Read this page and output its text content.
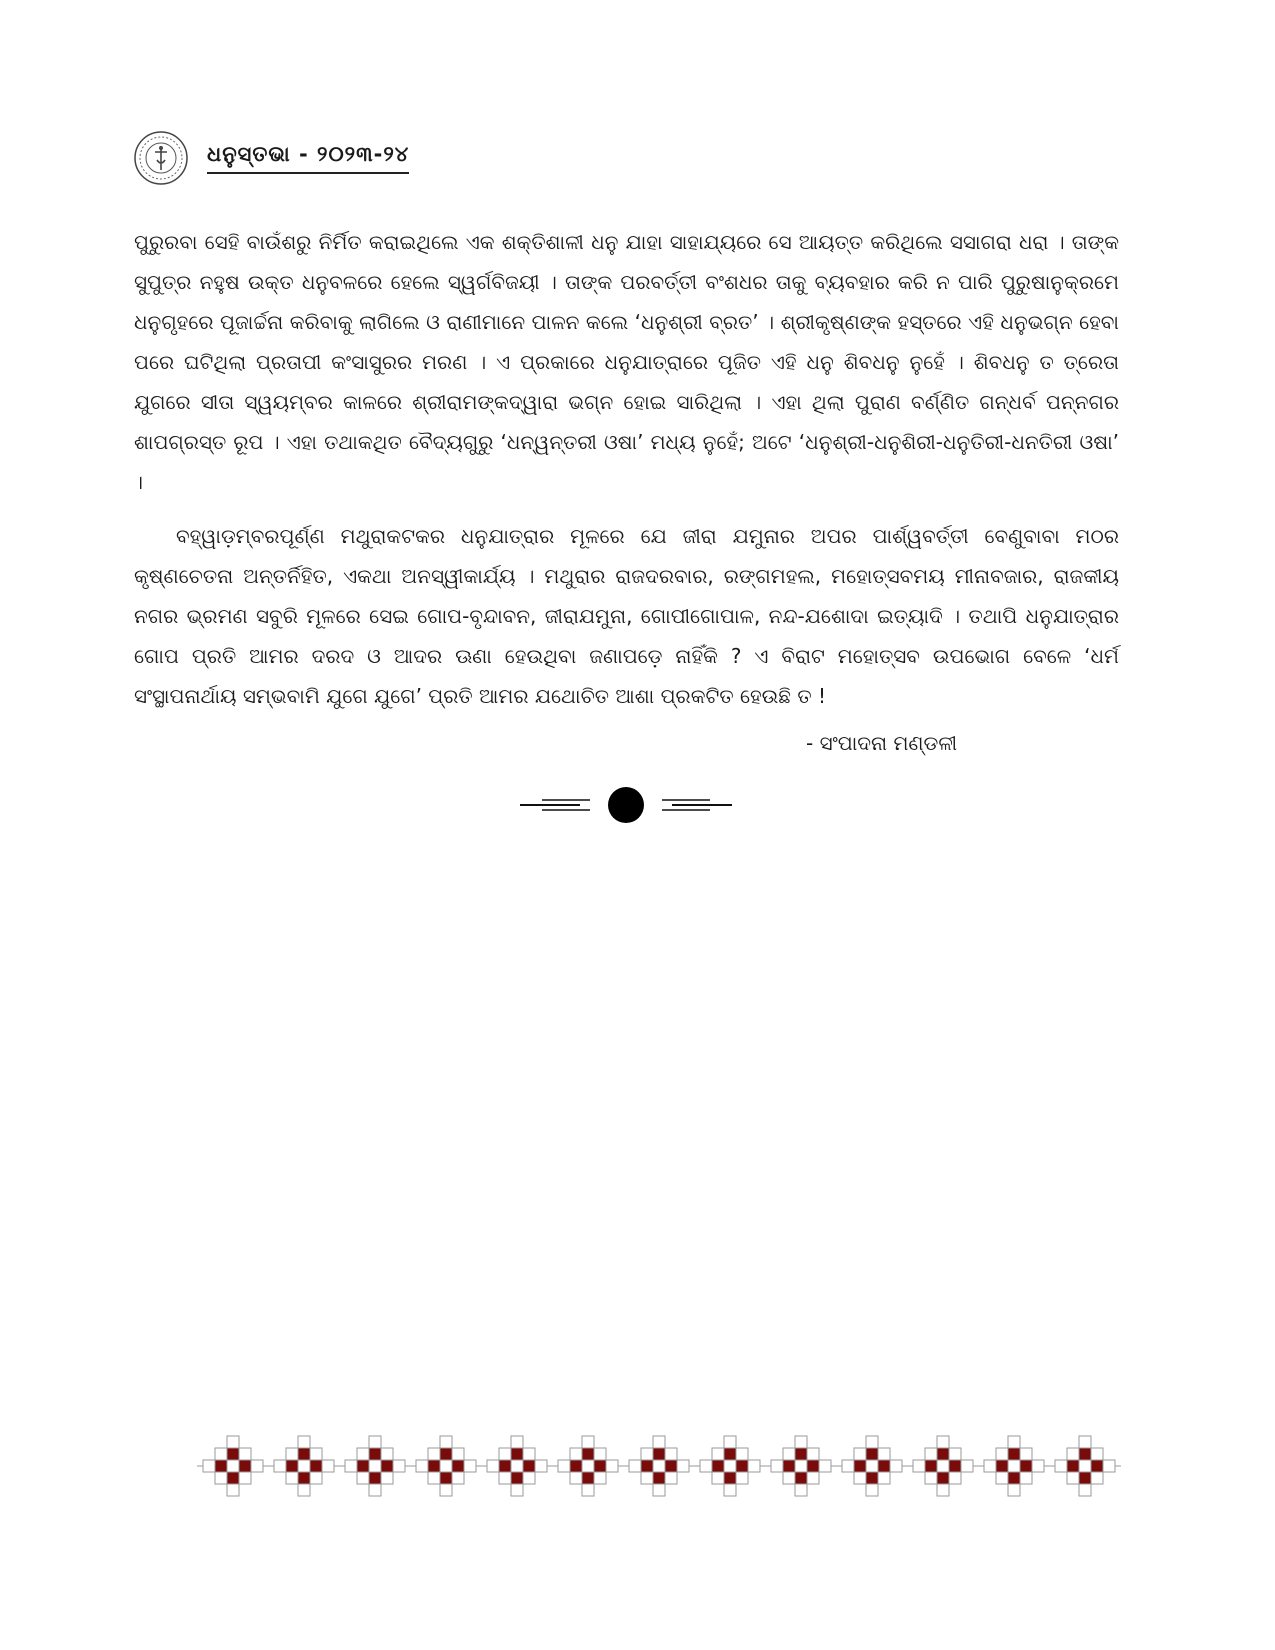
ଧନୁସ୍ତଭା - ୨୦୨୩-୨୪

ପୁରୁରବା ସେହି ବାଉଁଶରୁ ନିର୍ମିତ କରାଇଥିଲେ ଏକ ଶକ୍ତିଶାଳୀ ଧନୁ ଯାହା ସାହାଯ୍ୟରେ ସେ ଆୟତ୍ତ କରିଥିଲେ ସସାଗରା ଧରା । ତାଙ୍କ ସୁପୁତ୍ର ନହୁଷ ଉକ୍ତ ଧନୁବଳରେ ହେଲେ ସ୍ୱର୍ଗବିଜୟୀ । ତାଙ୍କ ପରବର୍ତ୍ତୀ ବଂଶଧର ତାକୁ ବ୍ୟବହାର କରି ନ ପାରି ପୁରୁଷାନୁକ୍ରମେ ଧନୁଗୃହରେ ପୂଜାର୍ଚ୍ଚନା କରିବାକୁ ଲାଗିଲେ ଓ ରାଣୀମାନେ ପାଳନ କଲେ ‘ଧନୁଶ୍ରୀ ବ୍ରତ’ । ଶ୍ରୀକୃଷ୍ଣଙ୍କ ହସ୍ତରେ ଏହି ଧନୁଭଗ୍ନ ହେବା ପରେ ଘଟିଥିଲା ପ୍ରତାପୀ କଂସାସୁରର ମରଣ । ଏ ପ୍ରକାରେ ଧନୁଯାତ୍ରାରେ ପୂଜିତ ଏହି ଧନୁ ଶିବଧନୁ ନୁହେଁ । ଶିବଧନୁ ତ ତ୍ରେତା ଯୁଗରେ ସୀତା ସ୍ୱୟମ୍ବର କାଳରେ ଶ୍ରୀରାମଙ୍କଦ୍ୱାରା ଭଗ୍ନ ହୋଇ ସାରିଥିଲା । ଏହା ଥିଲା ପୁରାଣ ବର୍ଣ୍ଣିତ ଗନ୍ଧର୍ବ ପନ୍ନଗର ଶାପଗ୍ରସ୍ତ ରୂପ । ଏହା ତଥାକଥିତ ବୈଦ୍ୟଗୁରୁ ‘ଧନ୍ୱନ୍ତରୀ ଓଷା’ ମଧ୍ୟ ନୁହେଁ; ଅଟେ ‘ଧନୁଶ୍ରୀ-ଧନୁଶିରୀ-ଧନୁତିରୀ-ଧନତିରୀ ଓଷା’ ।

ବହ୍ୱାଡ଼ମ୍ବରପୂର୍ଣ୍ଣ ମଥୁରାକଟକର ଧନୁଯାତ୍ରାର ମୂଳରେ ଯେ ଜୀରା ଯମୁନାର ଅପର ପାର୍ଶ୍ୱବର୍ତ୍ତୀ ବେଣୁବାବା ମଠର କୃଷ୍ଣଚେତନା ଅନ୍ତର୍ନିହିତ, ଏକଥା ଅନସ୍ୱୀକାର୍ଯ୍ୟ । ମଥୁରାର ରାଜଦରବାର, ରଙ୍ଗମହଲ, ମହୋତ୍ସବମୟ ମୀନାବଜାର, ରାଜକୀୟ ନଗର ଭ୍ରମଣ ସବୁରି ମୂଳରେ ସେଇ ଗୋପ-ବୃନ୍ଦାବନ, ଜୀରାଯମୁନା, ଗୋପୀଗୋପାଳ, ନନ୍ଦ-ଯଶୋଦା ଇତ୍ୟାଦି । ତଥାପି ଧନୁଯାତ୍ରାର ଗୋପ ପ୍ରତି ଆମର ଦରଦ ଓ ଆଦର ଊଣା ହେଉଥିବା ଜଣାପଡ଼େ ନାହିଁକି ? ଏ ବିରାଟ ମହୋତ୍ସବ ଉପଭୋଗ ବେଳେ ‘ଧର୍ମ ସଂସ୍ଥାପନାର୍ଥାୟ ସମ୍ଭବାମି ଯୁଗେ ଯୁଗେ’ ପ୍ରତି ଆମର ଯଥୋଚିତ ଆଶା ପ୍ରକଟିତ ହେଉଛି ତ !

- ସଂପାଦନା ମଣ୍ଡଳୀ
